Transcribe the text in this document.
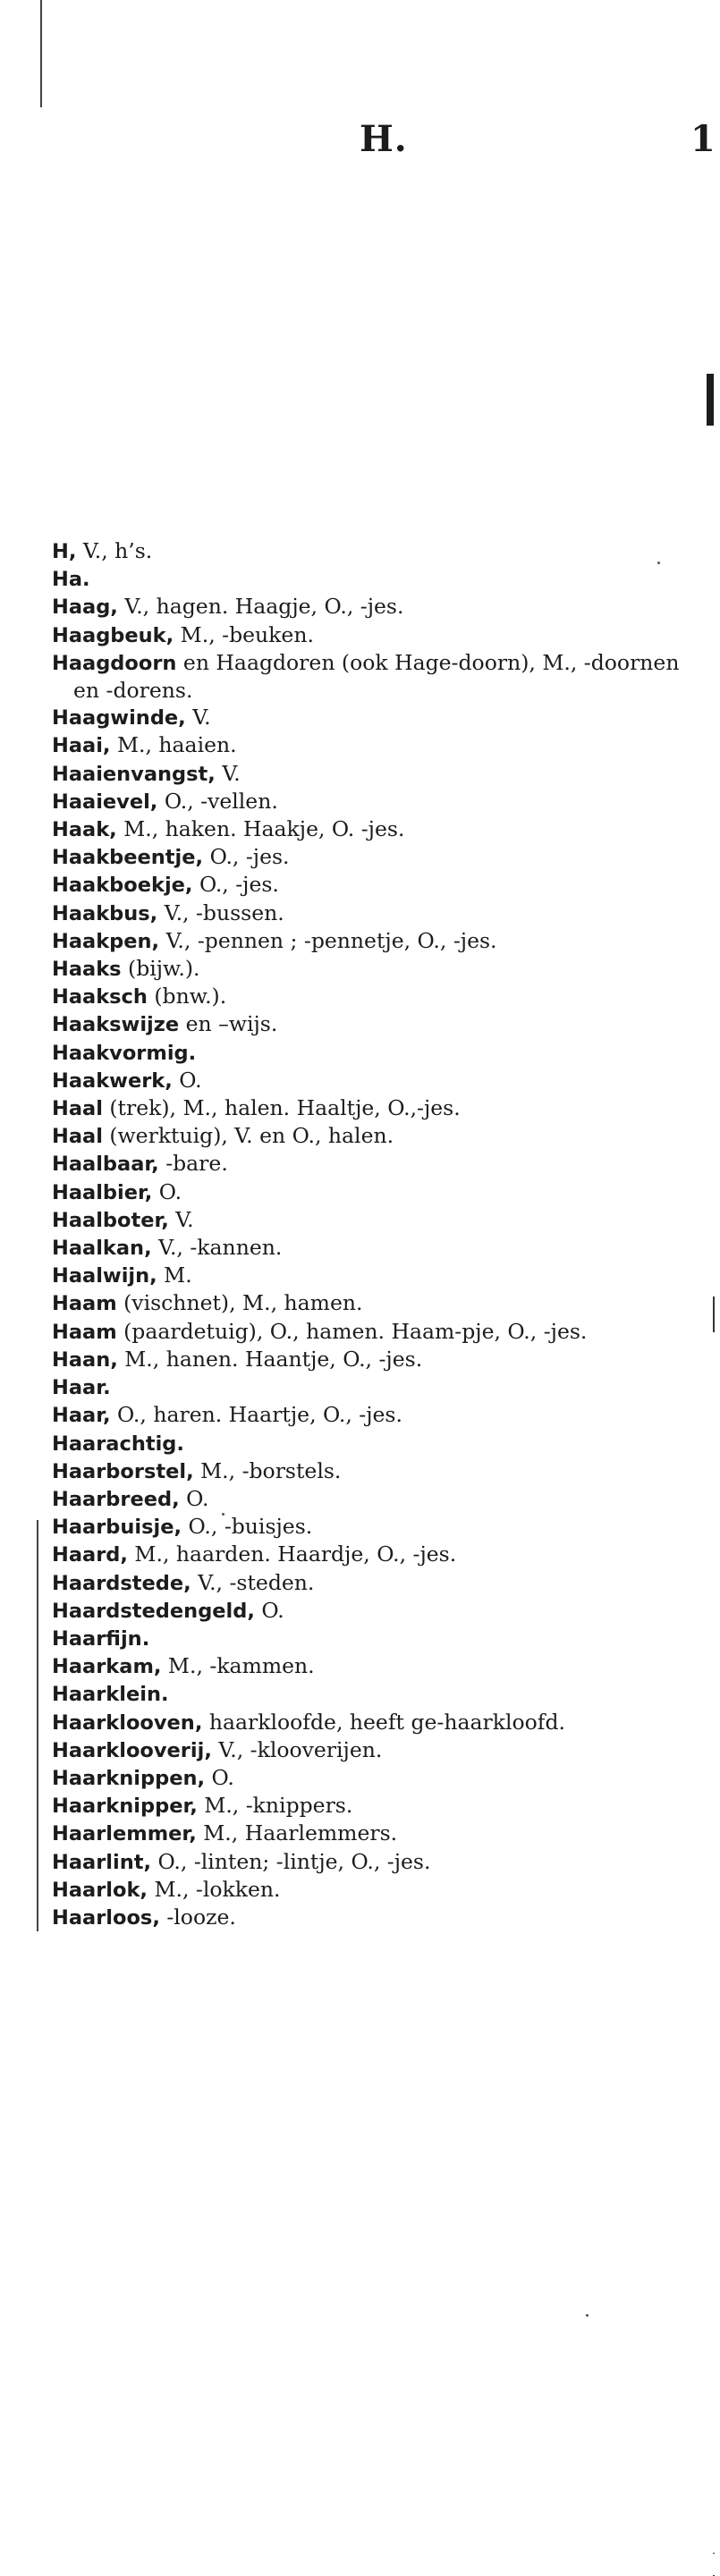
H.	1
H, V., h’s.
Ha.
Haag, V., hagen. Haagje, O., -jes.
Haagbeuk, M., -beuken.
Haagdoorn en Haagdoren (ook Hage-doorn), M., -doornen en -dorens.
Haagwinde, V.
Haai, M., haaien.
Haaienvangst, V.
Haaievel, O., -vellen.
Haak, M., haken. Haakje, O. -jes.
Haakbeentje, O., -jes.
Haakboekje, O., -jes.
Haakbus, V., -bussen.
Haakpen, V., -pennen ; -pennetje, O., -jes.
Haaks (bijw.).
Haaksch (bnw.).
Haakswijze en –wijs.
Haakvormig.
Haakwerk, O.
Haal (trek), M., halen. Haaltje, O.,-jes.
Haal (werktuig), V. en O., halen.
Haalbaar, -bare.
Haalbier, O.
Haalboter, V.
Haalkan, V., -kannen.
Haalwijn, M.
Haam (vischnet), M., hamen.
Haam (paardetuig), O., hamen. Haam-pje, O., -jes.
Haan, M., hanen. Haantje, O., -jes.
Haar.
Haar, O., haren. Haartje, O., -jes.
Haarachtig.
Haarborstel, M., -borstels.
Haarbreed, O.
Haarbuisje, O., -buisjes.
Haard, M., haarden. Haardje, O., -jes.
Haardstede, V., -steden.
Haardstedengeld, O.
Haarfijn.
Haarkam, M., -kammen.
Haarklein.
Haarklooven, haarkloofde, heeft ge-haarkloofd.
Haarklooverij, V., -klooverijen.
Haarknippen, O.
Haarknipper, M., -knippers.
Haarlemmer, M., Haarlemmers.
Haarlint, O., -linten; -lintje, O., -jes.
Haarlok, M., -lokken.
Haarloos, -looze.
